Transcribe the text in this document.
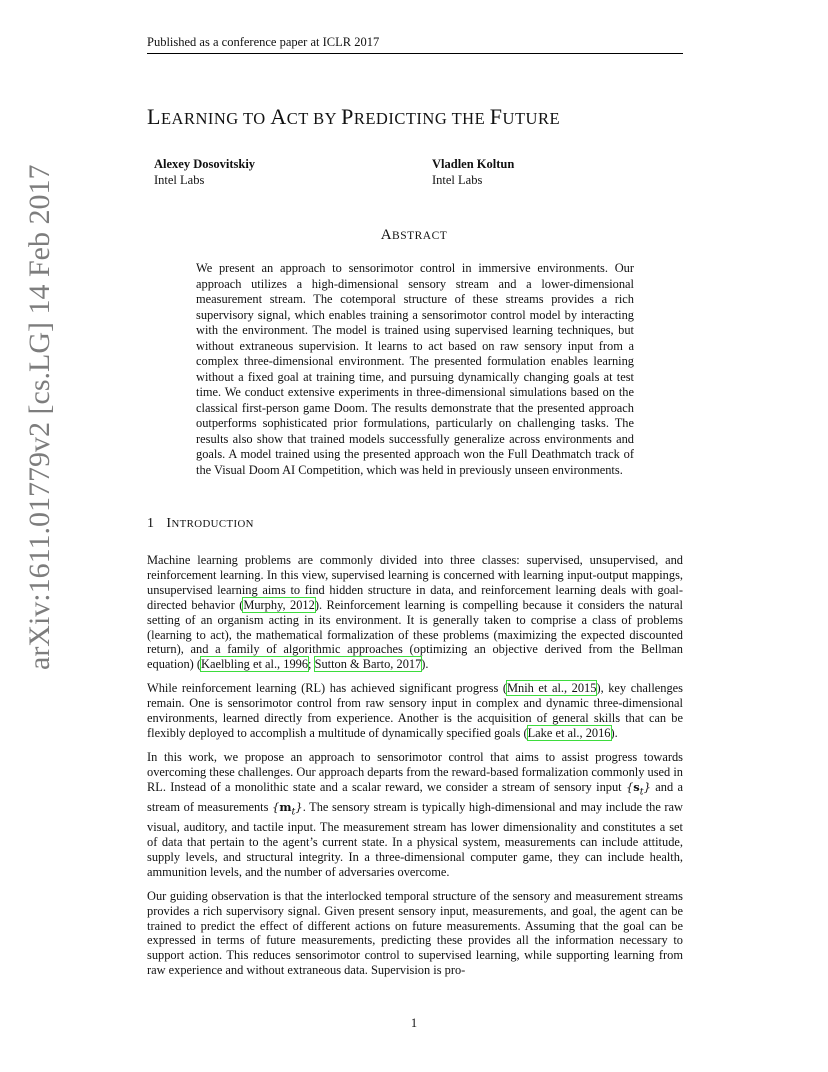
Published as a conference paper at ICLR 2017
arXiv:1611.01779v2 [cs.LG] 14 Feb 2017
LEARNING TO ACT BY PREDICTING THE FUTURE
Alexey Dosovitskiy
Intel Labs
Vladlen Koltun
Intel Labs
ABSTRACT

We present an approach to sensorimotor control in immersive environments. Our approach utilizes a high-dimensional sensory stream and a lower-dimensional measurement stream. The cotemporal structure of these streams provides a rich supervisory signal, which enables training a sensorimotor control model by interacting with the environment. The model is trained using supervised learning techniques, but without extraneous supervision. It learns to act based on raw sensory input from a complex three-dimensional environment. The presented formulation enables learning without a fixed goal at training time, and pursuing dynamically changing goals at test time. We conduct extensive experiments in three-dimensional simulations based on the classical first-person game Doom. The results demonstrate that the presented approach outperforms sophisticated prior formulations, particularly on challenging tasks. The results also show that trained models successfully generalize across environments and goals. A model trained using the presented approach won the Full Deathmatch track of the Visual Doom AI Competition, which was held in previously unseen environments.

1 INTRODUCTION

Machine learning problems are commonly divided into three classes: supervised, unsupervised, and reinforcement learning. In this view, supervised learning is concerned with learning input-output mappings, unsupervised learning aims to find hidden structure in data, and reinforcement learning deals with goal-directed behavior (Murphy, 2012). Reinforcement learning is compelling because it considers the natural setting of an organism acting in its environment. It is generally taken to comprise a class of problems (learning to act), the mathematical formalization of these problems (maximizing the expected discounted return), and a family of algorithmic approaches (optimizing an objective derived from the Bellman equation) (Kaelbling et al., 1996; Sutton & Barto, 2017).

While reinforcement learning (RL) has achieved significant progress (Mnih et al., 2015), key challenges remain. One is sensorimotor control from raw sensory input in complex and dynamic three-dimensional environments, learned directly from experience. Another is the acquisition of general skills that can be flexibly deployed to accomplish a multitude of dynamically specified goals (Lake et al., 2016).

In this work, we propose an approach to sensorimotor control that aims to assist progress towards overcoming these challenges. Our approach departs from the reward-based formalization commonly used in RL. Instead of a monolithic state and a scalar reward, we consider a stream of sensory input $\{s_t\}$ and a stream of measurements $\{m_t\}$. The sensory stream is typically high-dimensional and may include the raw visual, auditory, and tactile input. The measurement stream has lower dimensionality and constitutes a set of data that pertain to the agent’s current state. In a physical system, measurements can include attitude, supply levels, and structural integrity. In a three-dimensional computer game, they can include health, ammunition levels, and the number of adversaries overcome.

Our guiding observation is that the interlocked temporal structure of the sensory and measurement streams provides a rich supervisory signal. Given present sensory input, measurements, and goal, the agent can be trained to predict the effect of different actions on future measurements. Assuming that the goal can be expressed in terms of future measurements, predicting these provides all the information necessary to support action. This reduces sensorimotor control to supervised learning, while supporting learning from raw experience and without extraneous data. Supervision is pro-

1
